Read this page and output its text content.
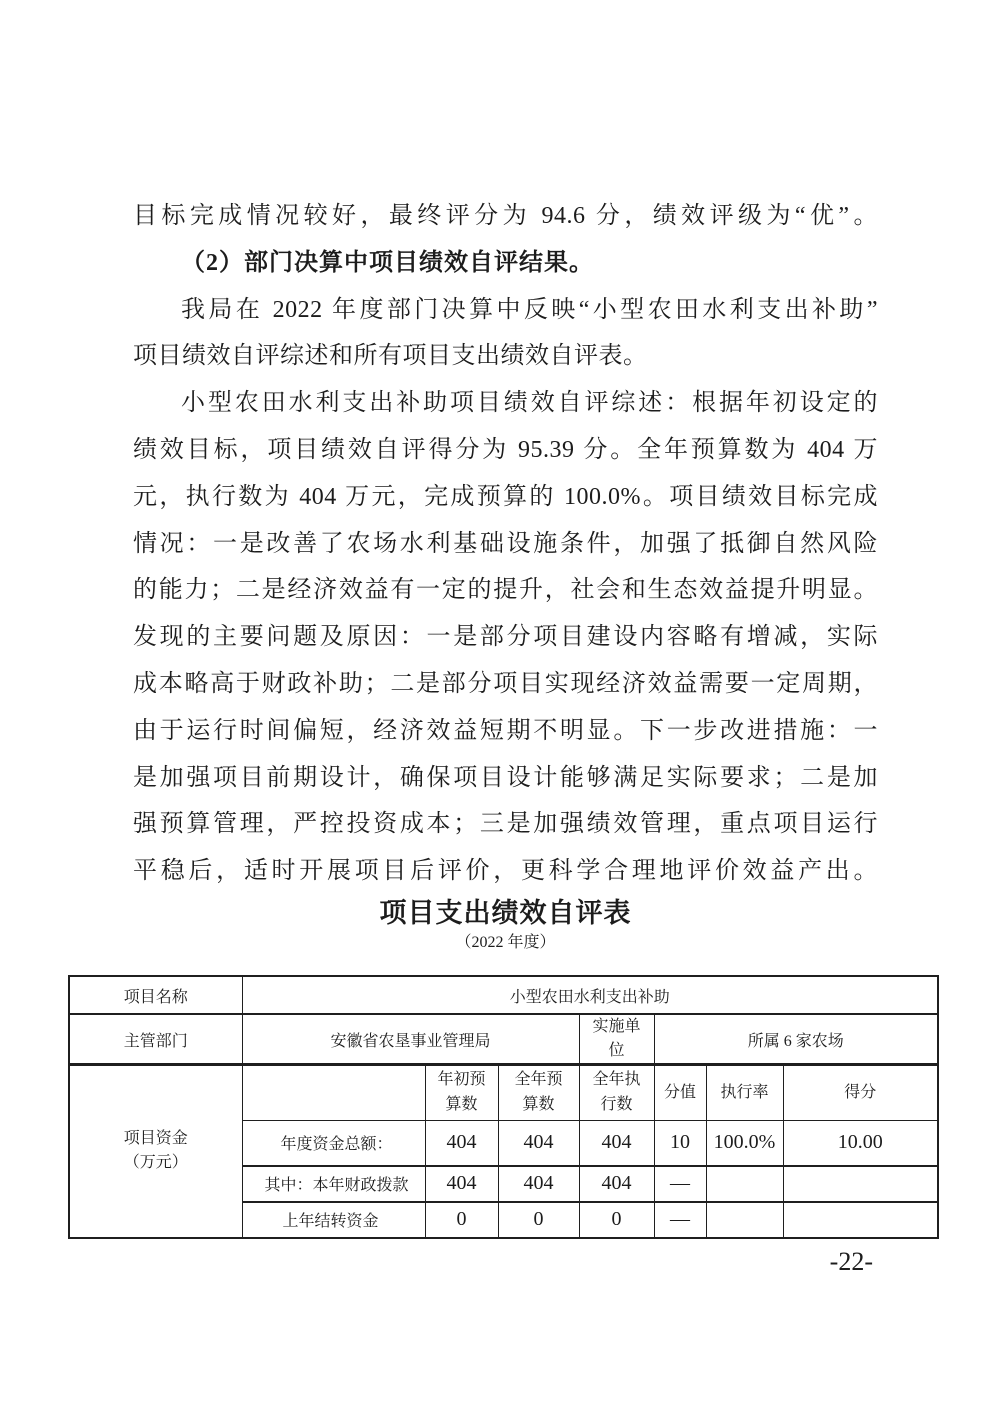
目标完成情况较好，最终评分为 94.6 分，绩效评级为“优”。
（2）部门决算中项目绩效自评结果。
我局在 2022 年度部门决算中反映“小型农田水利支出补助”
项目绩效自评综述和所有项目支出绩效自评表。
小型农田水利支出补助项目绩效自评综述：根据年初设定的
绩效目标，项目绩效自评得分为 95.39 分。全年预算数为 404 万
元，执行数为 404 万元，完成预算的 100.0%。项目绩效目标完成
情况：一是改善了农场水利基础设施条件，加强了抵御自然风险
的能力；二是经济效益有一定的提升，社会和生态效益提升明显。
发现的主要问题及原因：一是部分项目建设内容略有增减，实际
成本略高于财政补助；二是部分项目实现经济效益需要一定周期，
由于运行时间偏短，经济效益短期不明显。下一步改进措施：一
是加强项目前期设计，确保项目设计能够满足实际要求；二是加
强预算管理，严控投资成本；三是加强绩效管理，重点项目运行
平稳后，适时开展项目后评价，更科学合理地评价效益产出。
项目支出绩效自评表
（2022 年度）
项目名称	小型农田水利支出补助						
主管部门	安徽省农垦事业管理局			实施单位	所属 6 家农场		

项目资金
（万元）		年初预算数	全年预算数	全年执行数	分值	执行率	得分
	年度资金总额：	404	404	404	10	100.0%	10.00
	其中：本年财政拨款	404	404	404	—		
	上年结转资金	0	0	0	—		
-22-
